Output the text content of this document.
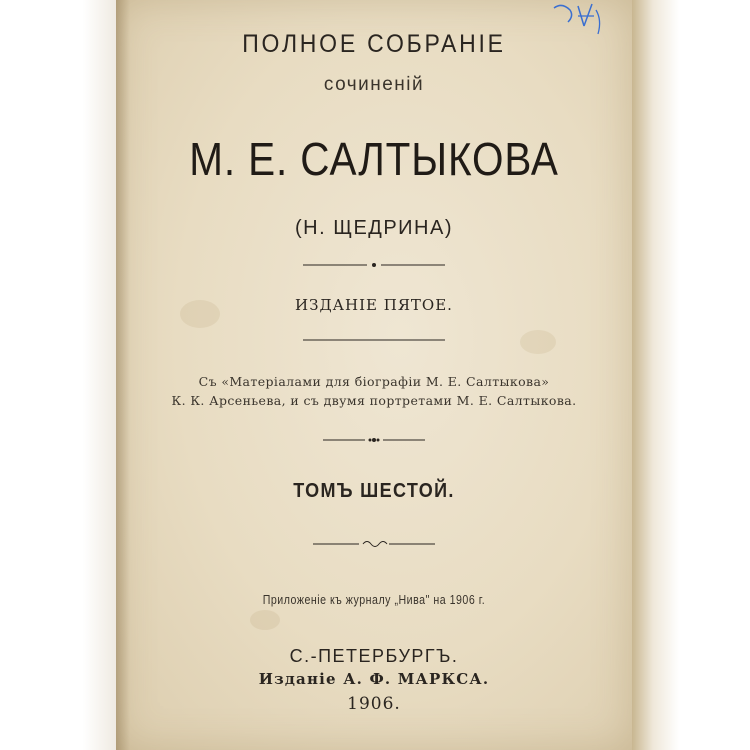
ПОЛНОЕ СОБРАНІЕ
сочиненій
М. Е. САЛТЫКОВА
(Н. ЩЕДРИНА)
ИЗДАНІЕ ПЯТОЕ.
Съ «Матеріалами для біографіи М. Е. Салтыкова»
К. К. Арсеньева, и съ двумя портретами М. Е. Салтыкова.
ТОМЪ ШЕСТОЙ.
Приложеніе къ журналу „Нива" на 1906 г.
С.-ПЕТЕРБУРГЪ.
Изданіе А. Ф. МАРКСА.
1906.
